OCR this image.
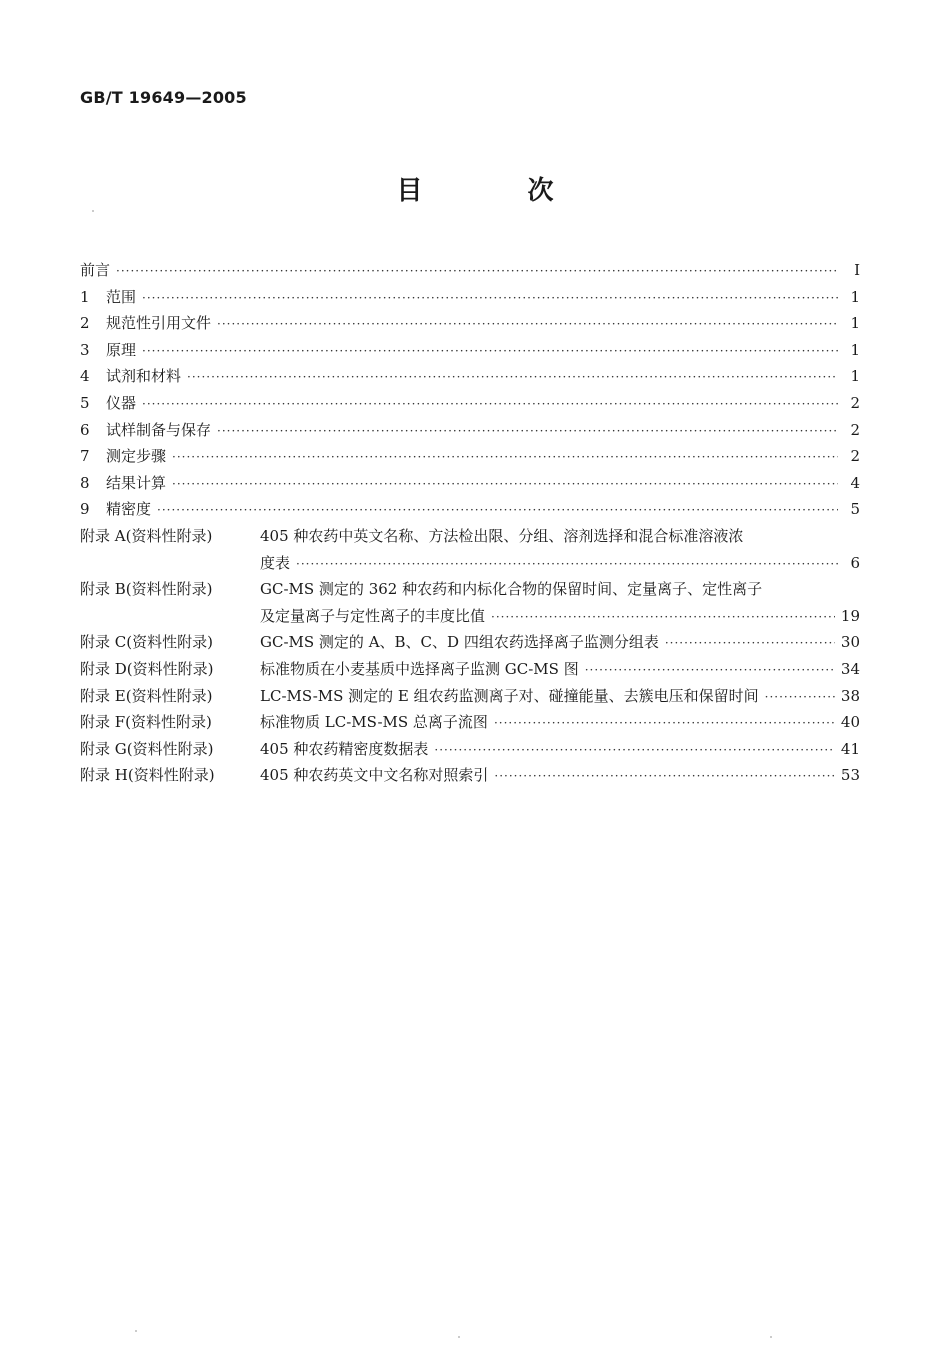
GB/T 19649—2005
目 次
前言 ·····	I
1	范围 ·····	1
2	规范性引用文件 ·····	1
3	原理 ·····	1
4	试剂和材料 ·····	1
5	仪器 ·····	2
6	试样制备与保存 ·····	2
7	测定步骤 ·····	2
8	结果计算 ·····	4
9	精密度 ·····	5
附录 A(资料性附录)	405 种农药中英文名称、方法检出限、分组、溶剂选择和混合标准溶液浓
度表 ·····	6
附录 B(资料性附录)	GC-MS 测定的 362 种农药和内标化合物的保留时间、定量离子、定性离子
及定量离子与定性离子的丰度比值 ·····	19
附录 C(资料性附录)	GC-MS 测定的 A、B、C、D 四组农药选择离子监测分组表 ·····	30
附录 D(资料性附录)	标准物质在小麦基质中选择离子监测 GC-MS 图 ·····	34
附录 E(资料性附录)	LC-MS-MS 测定的 E 组农药监测离子对、碰撞能量、去簇电压和保留时间 ·····	38
附录 F(资料性附录)	标准物质 LC-MS-MS 总离子流图 ·····	40
附录 G(资料性附录)	405 种农药精密度数据表 ·····	41
附录 H(资料性附录)	405 种农药英文中文名称对照索引 ·····	53
